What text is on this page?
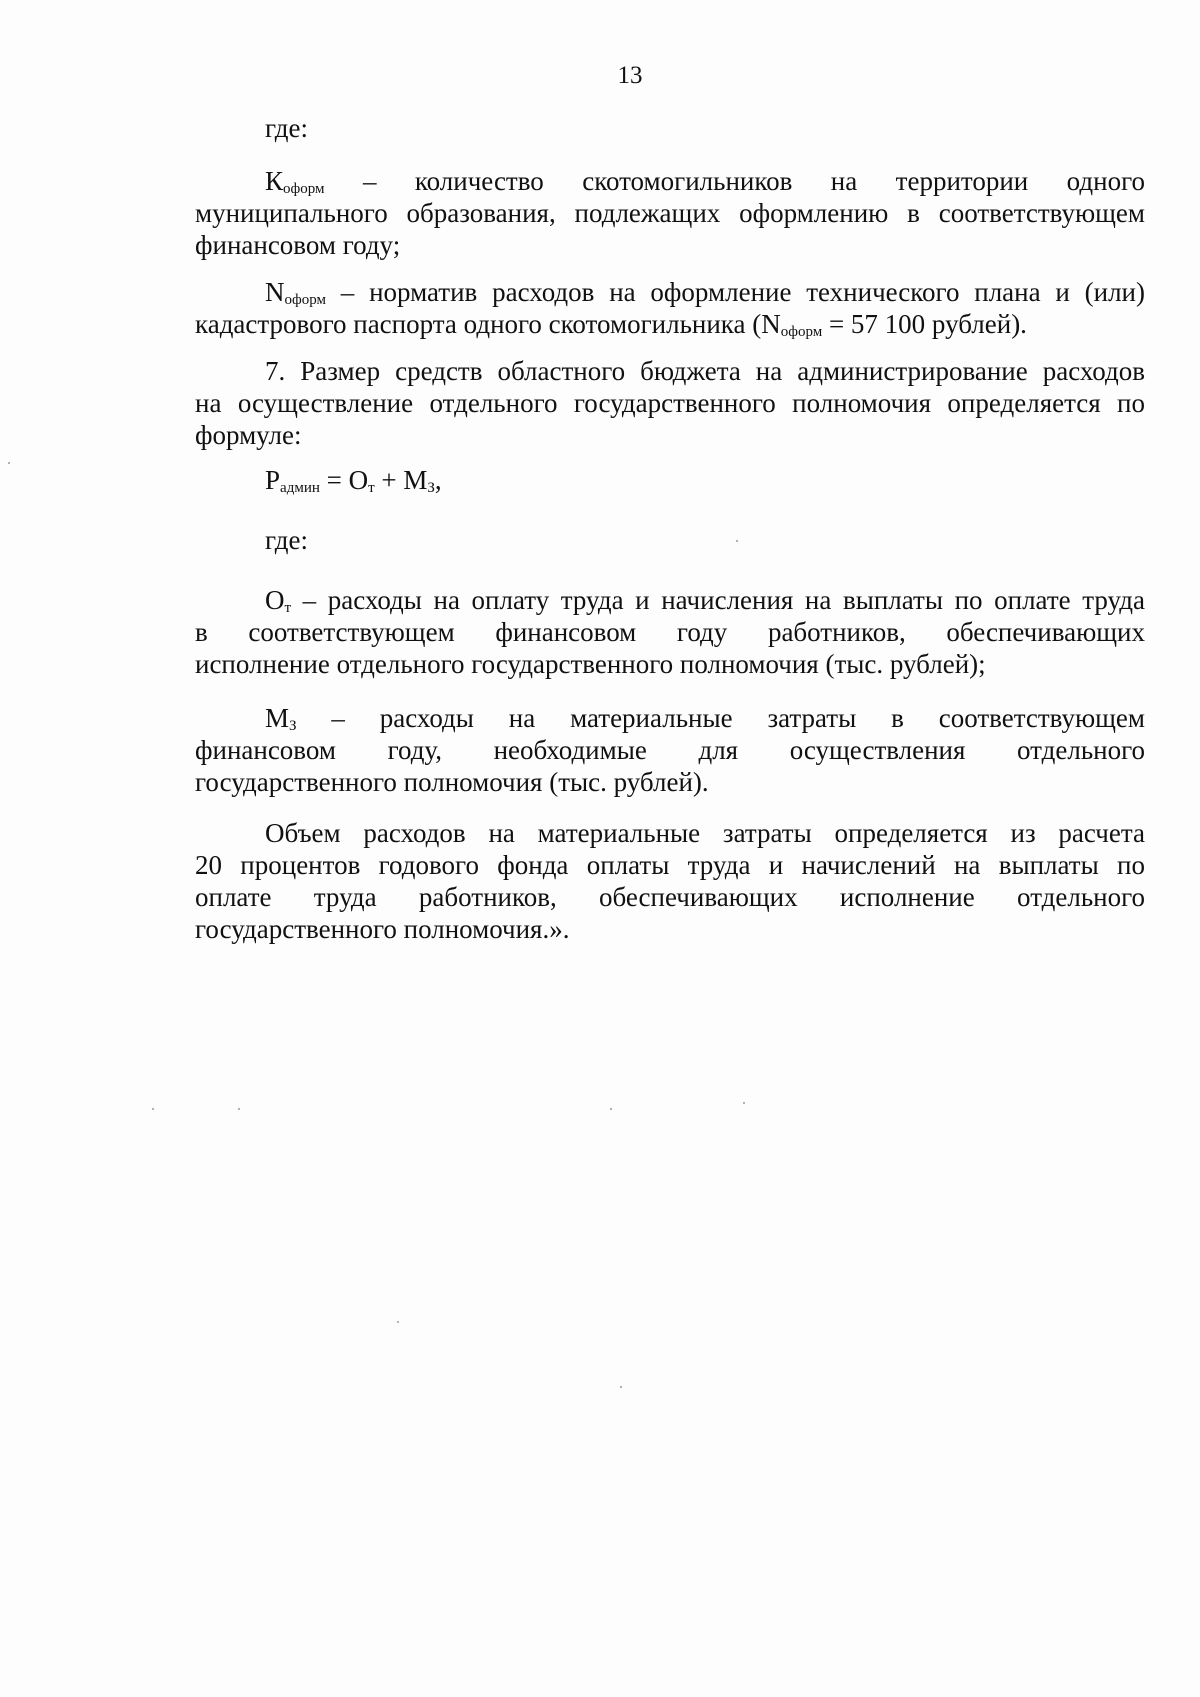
13
где:
$К_{оформ}$ – количество скотомогильников на территории одного
муниципального образования, подлежащих оформлению в соответствующем
финансовом году;
$N_{оформ}$ – норматив расходов на оформление технического плана и (или)
кадастрового паспорта одного скотомогильника ($N_{оформ} = 57$ 100 рублей).
7. Размер средств областного бюджета на администрирование расходов
на осуществление отдельного государственного полномочия определяется по
формуле:
$Р_{админ} = О_т + М_З$,
где:
$О_т$ – расходы на оплату труда и начисления на выплаты по оплате труда
в соответствующем финансовом году работников, обеспечивающих
исполнение отдельного государственного полномочия (тыс. рублей);
$М_З$ – расходы на материальные затраты в соответствующем
финансовом году, необходимые для осуществления отдельного
государственного полномочия (тыс. рублей).
Объем расходов на материальные затраты определяется из расчета
20 процентов годового фонда оплаты труда и начислений на выплаты по
оплате труда работников, обеспечивающих исполнение отдельного
государственного полномочия.».
